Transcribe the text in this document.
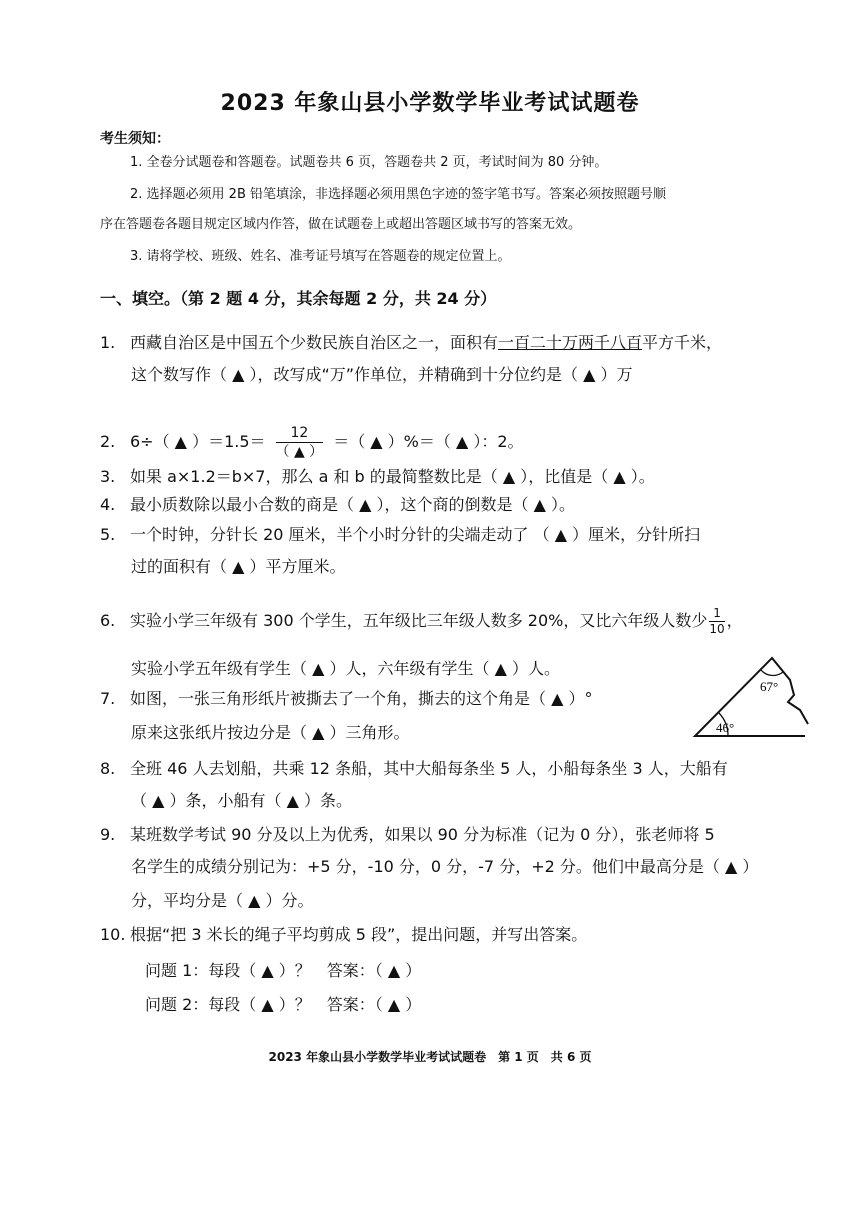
2023 年象山县小学数学毕业考试试题卷
考生须知：
1. 全卷分试题卷和答题卷。试题卷共 6 页，答题卷共 2 页，考试时间为 80 分钟。
2. 选择题必须用 2B 铅笔填涂，非选择题必须用黑色字迹的签字笔书写。答案必须按照题号顺
序在答题卷各题目规定区域内作答，做在试题卷上或超出答题区域书写的答案无效。
3. 请将学校、班级、姓名、准考证号填写在答题卷的规定位置上。
一、填空。（第 2 题 4 分，其余每题 2 分，共 24 分）
1. 西藏自治区是中国五个少数民族自治区之一，面积有一百二十万两千八百平方千米，
这个数写作（ ▲ ），改写成“万”作单位，并精确到十分位约是（ ▲ ）万
2. 6÷（ ▲ ）$=1.5= \frac{12}{( ▲ )}$ ＝（ ▲ ）%＝（ ▲ ）：2。
3. 如果 a×1.2＝b×7，那么 a 和 b 的最简整数比是（ ▲ ），比值是（ ▲ ）。
4. 最小质数除以最小合数的商是（ ▲ ），这个商的倒数是（ ▲ ）。
5. 一个时钟，分针长 20 厘米，半个小时分针的尖端走动了 （ ▲ ）厘米，分针所扫
过的面积有（ ▲ ）平方厘米。
6. 实验小学三年级有 300 个学生，五年级比三年级人数多 20%，又比六年级人数少 $\frac{1}{10}$ ，
实验小学五年级有学生（ ▲ ）人，六年级有学生（ ▲ ）人。
7. 如图，一张三角形纸片被撕去了一个角，撕去的这个角是（ ▲ ）°
原来这张纸片按边分是（ ▲ ）三角形。
67°
46°
8. 全班 46 人去划船，共乘 12 条船，其中大船每条坐 5 人，小船每条坐 3 人，大船有
（ ▲ ）条，小船有（ ▲ ）条。
9. 某班数学考试 90 分及以上为优秀，如果以 90 分为标准（记为 0 分），张老师将 5
名学生的成绩分别记为：+5 分，-10 分，0 分，-7 分，+2 分。他们中最高分是（ ▲ ）
分，平均分是（ ▲ ）分。
10. 根据“把 3 米长的绳子平均剪成 5 段”，提出问题，并写出答案。
问题 1：每段（ ▲ ）？　答案：（ ▲ ）
问题 2：每段（ ▲ ）？　答案：（ ▲ ）
2023 年象山县小学数学毕业考试试题卷　第 1 页　共 6 页
